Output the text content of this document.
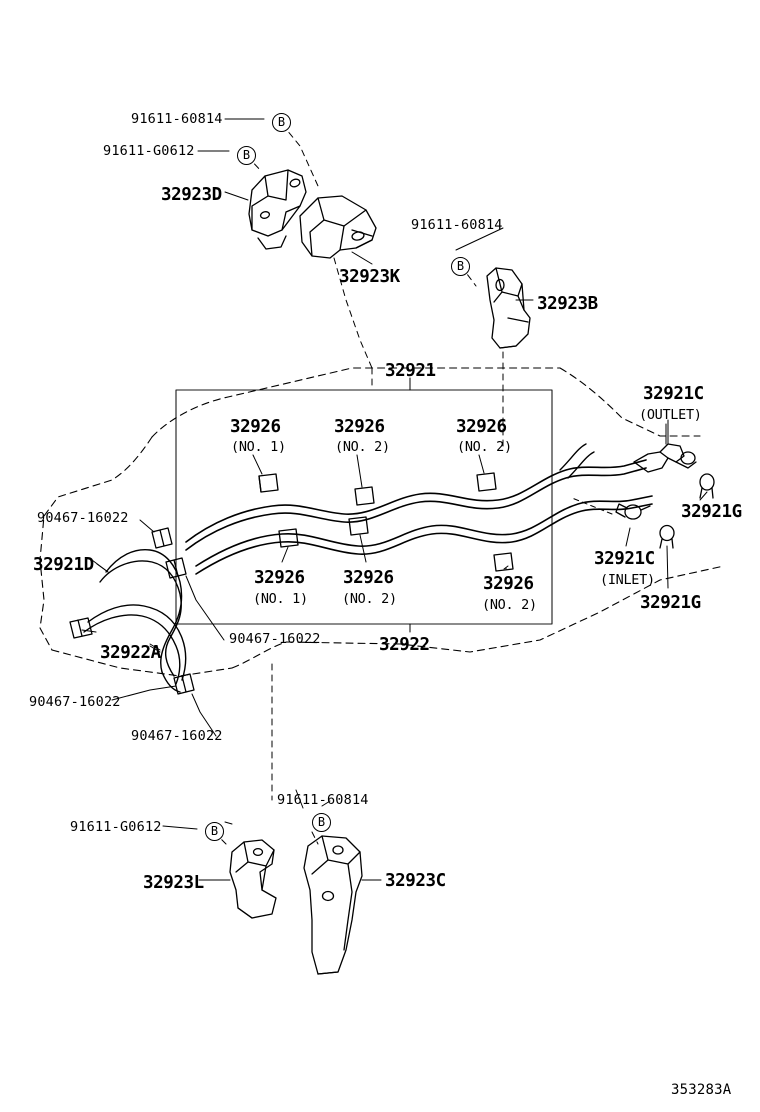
91611-60814
91611-G0612
32923D
32923K
91611-60814
32923B
32921
32921C
(OUTLET)
32926
(NO. 1)
32926
(NO. 2)
32926
(NO. 2)
32921G
90467-16022
32921D
32926
(NO. 1)
32926
(NO. 2)
32926
(NO. 2)
32921C
(INLET)
32921G
32922A
90467-16022	32922
90467-16022
90467-16022
91611-60814
91611-G0612
32923L	32923C
B
B
B
B
B
353283A
